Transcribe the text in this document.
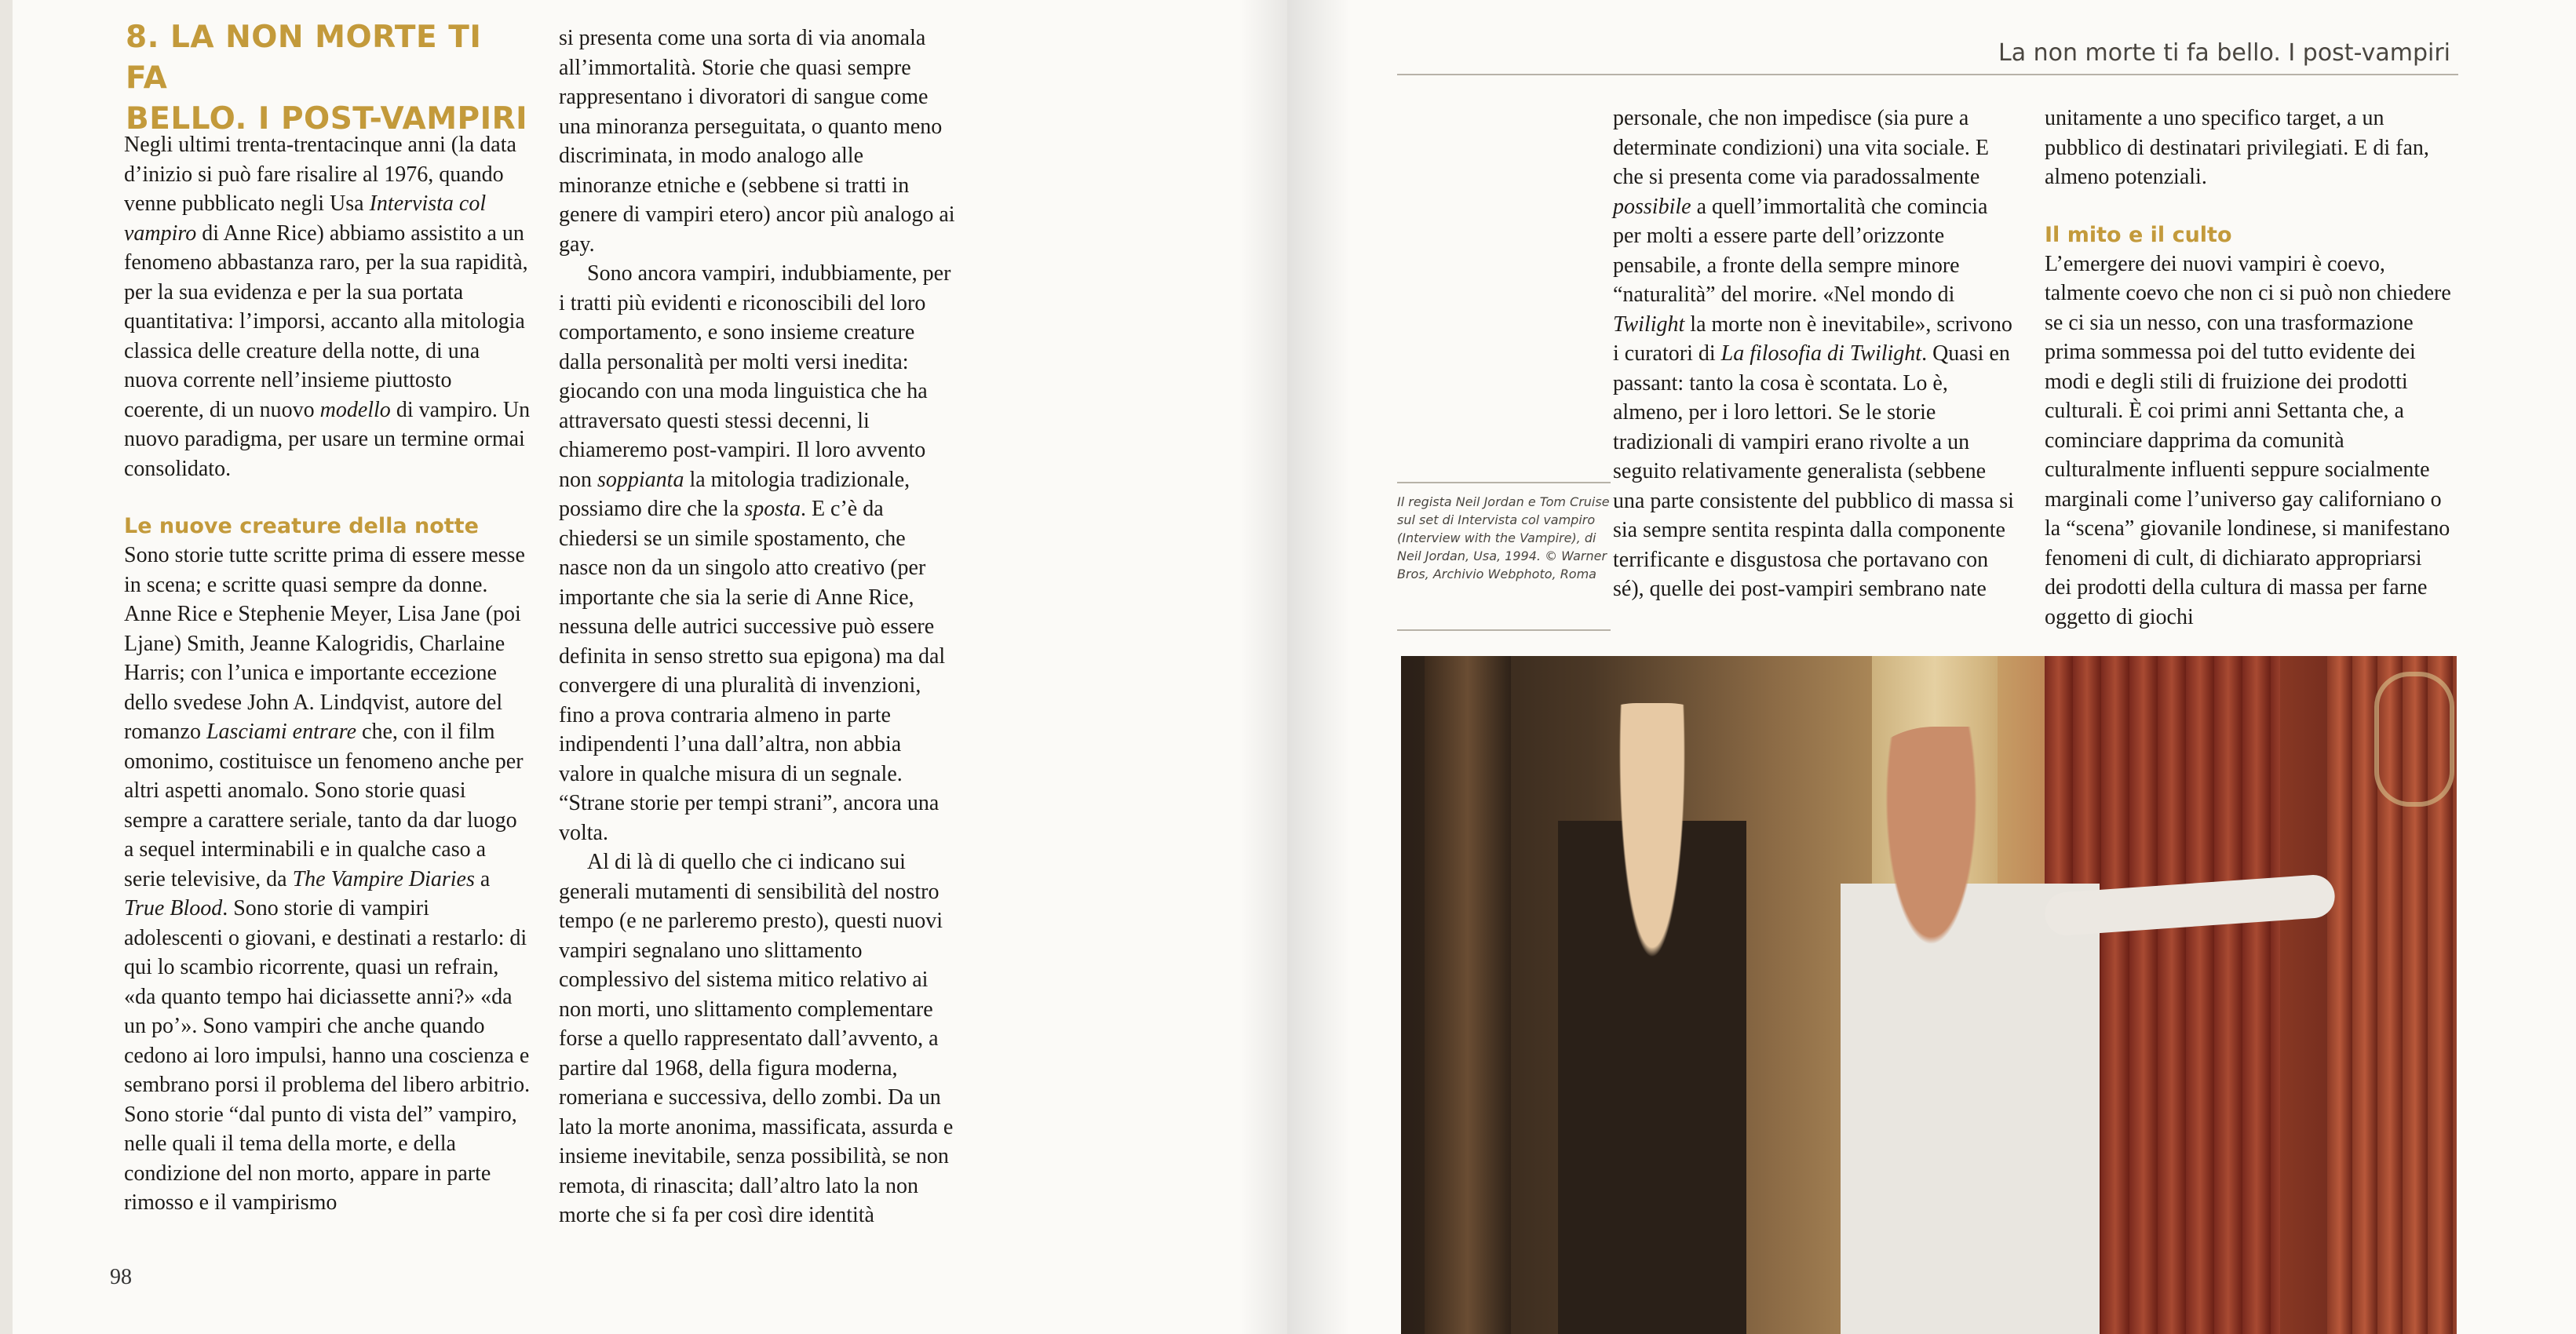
8. LA NON MORTE TI FA
BELLO. I POST-VAMPIRI

Negli ultimi trenta-trentacinque anni (la data d’inizio si può fare risalire al 1976, quando venne pubblicato negli Usa Intervista col vampiro di Anne Rice) abbiamo assistito a un fenomeno abbastanza raro, per la sua rapidità, per la sua evidenza e per la sua portata quantitativa: l’imporsi, accanto alla mitologia classica delle creature della notte, di una nuova corrente nell’insieme piuttosto coerente, di un nuovo modello di vampiro. Un nuovo paradigma, per usare un termine ormai consolidato.

Le nuove creature della notte

Sono storie tutte scritte prima di essere messe in scena; e scritte quasi sempre da donne. Anne Rice e Stephenie Meyer, Lisa Jane (poi Ljane) Smith, Jeanne Kalogridis, Charlaine Harris; con l’unica e importante eccezione dello svedese John A. Lindqvist, autore del romanzo Lasciami entrare che, con il film omonimo, costituisce un fenomeno anche per altri aspetti anomalo. Sono storie quasi sempre a carattere seriale, tanto da dar luogo a sequel interminabili e in qualche caso a serie televisive, da The Vampire Diaries a True Blood. Sono storie di vampiri adolescenti o giovani, e destinati a restarlo: di qui lo scambio ricorrente, quasi un refrain, «da quanto tempo hai diciassette anni?» «da un po’». Sono vampiri che anche quando cedono ai loro impulsi, hanno una coscienza e sembrano porsi il problema del libero arbitrio. Sono storie “dal punto di vista del” vampiro, nelle quali il tema della morte, e della condizione del non morto, appare in parte rimosso e il vampirismo

si presenta come una sorta di via anomala all’immortalità. Storie che quasi sempre rappresentano i divoratori di sangue come una minoranza perseguitata, o quanto meno discriminata, in modo analogo alle minoranze etniche e (sebbene si tratti in genere di vampiri etero) ancor più analogo ai gay.

Sono ancora vampiri, indubbiamente, per i tratti più evidenti e riconoscibili del loro comportamento, e sono insieme creature dalla personalità per molti versi inedita: giocando con una moda linguistica che ha attraversato questi stessi decenni, li chiameremo post-vampiri. Il loro avvento non soppianta la mitologia tradizionale, possiamo dire che la sposta. E c’è da chiedersi se un simile spostamento, che nasce non da un singolo atto creativo (per importante che sia la serie di Anne Rice, nessuna delle autrici successive può essere definita in senso stretto sua epigona) ma dal convergere di una pluralità di invenzioni, fino a prova contraria almeno in parte indipendenti l’una dall’altra, non abbia valore in qualche misura di un segnale. “Strane storie per tempi strani”, ancora una volta.

Al di là di quello che ci indicano sui generali mutamenti di sensibilità del nostro tempo (e ne parleremo presto), questi nuovi vampiri segnalano uno slittamento complessivo del sistema mitico relativo ai non morti, uno slittamento complementare forse a quello rappresentato dall’avvento, a partire dal 1968, della figura moderna, romeriana e successiva, dello zombi. Da un lato la morte anonima, massificata, assurda e insieme inevitabile, senza possibilità, se non remota, di rinascita; dall’altro lato la non morte che si fa per così dire identità

98
La non morte ti fa bello. I post-vampiri
Il regista Neil Jordan e Tom Cruise sul set di Intervista col vampiro (Interview with the Vampire), di Neil Jordan, Usa, 1994. © Warner Bros, Archivio Webphoto, Roma

personale, che non impedisce (sia pure a determinate condizioni) una vita sociale. E che si presenta come via paradossalmente possibile a quell’immortalità che comincia per molti a essere parte dell’orizzonte pensabile, a fronte della sempre minore “naturalità” del morire. «Nel mondo di Twilight la morte non è inevitabile», scrivono i curatori di La filosofia di Twilight. Quasi en passant: tanto la cosa è scontata. Lo è, almeno, per i loro lettori. Se le storie tradizionali di vampiri erano rivolte a un seguito relativamente generalista (sebbene una parte consistente del pubblico di massa si sia sempre sentita respinta dalla componente terrificante e disgustosa che portavano con sé), quelle dei post-vampiri sembrano nate

unitamente a uno specifico target, a un pubblico di destinatari privilegiati. E di fan, almeno potenziali.

Il mito e il culto

L’emergere dei nuovi vampiri è coevo, talmente coevo che non ci si può non chiedere se ci sia un nesso, con una trasformazione prima sommessa poi del tutto evidente dei modi e degli stili di fruizione dei prodotti culturali. È coi primi anni Settanta che, a cominciare dapprima da comunità culturalmente influenti seppure socialmente marginali come l’universo gay californiano o la “scena” giovanile londinese, si manifestano fenomeni di cult, di dichiarato appropriarsi dei prodotti della cultura di massa per farne oggetto di giochi
